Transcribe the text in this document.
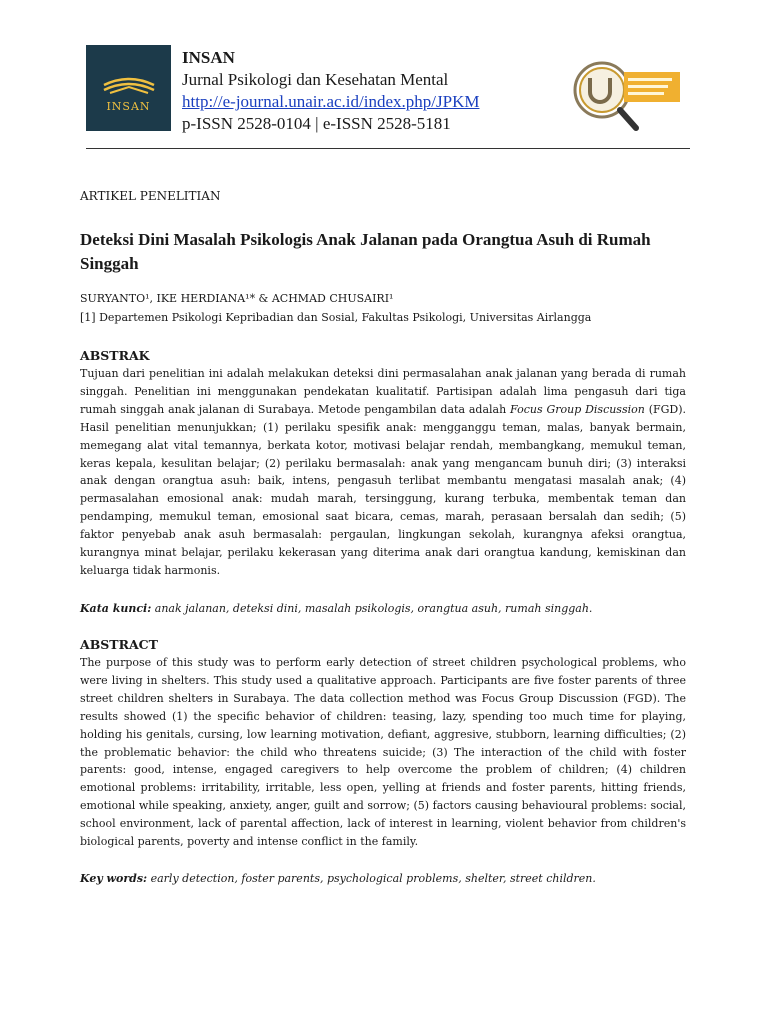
INSAN
INSAN
Jurnal Psikologi dan Kesehatan Mental
http://e-journal.unair.ac.id/index.php/JPKM
p-ISSN 2528-0104 | e-ISSN 2528-5181
ARTIKEL PENELITIAN
Deteksi Dini Masalah Psikologis Anak Jalanan pada Orangtua Asuh di Rumah Singgah
SURYANTO¹, IKE HERDIANA¹* & ACHMAD CHUSAIRI¹
[1] Departemen Psikologi Kepribadian dan Sosial, Fakultas Psikologi, Universitas Airlangga
ABSTRAK
Tujuan dari penelitian ini adalah melakukan deteksi dini permasalahan anak jalanan yang berada di rumah singgah. Penelitian ini menggunakan pendekatan kualitatif. Partisipan adalah lima pengasuh dari tiga rumah singgah anak jalanan di Surabaya. Metode pengambilan data adalah Focus Group Discussion (FGD). Hasil penelitian menunjukkan; (1) perilaku spesifik anak: mengganggu teman, malas, banyak bermain, memegang alat vital temannya, berkata kotor, motivasi belajar rendah, membangkang, memukul teman, keras kepala, kesulitan belajar; (2) perilaku bermasalah: anak yang mengancam bunuh diri; (3) interaksi anak dengan orangtua asuh: baik, intens, pengasuh terlibat membantu mengatasi masalah anak; (4) permasalahan emosional anak: mudah marah, tersinggung, kurang terbuka, membentak teman dan pendamping, memukul teman, emosional saat bicara, cemas, marah, perasaan bersalah dan sedih; (5) faktor penyebab anak asuh bermasalah: pergaulan, lingkungan sekolah, kurangnya afeksi orangtua, kurangnya minat belajar, perilaku kekerasan yang diterima anak dari orangtua kandung, kemiskinan dan keluarga tidak harmonis.
Kata kunci: anak jalanan, deteksi dini, masalah psikologis, orangtua asuh, rumah singgah.
ABSTRACT
The purpose of this study was to perform early detection of street children psychological problems, who were living in shelters. This study used a qualitative approach. Participants are five foster parents of three street children shelters in Surabaya. The data collection method was Focus Group Discussion (FGD). The results showed (1) the specific behavior of children: teasing, lazy, spending too much time for playing, holding his genitals, cursing, low learning motivation, defiant, aggresive, stubborn, learning difficulties; (2) the problematic behavior: the child who threatens suicide; (3) The interaction of the child with foster parents: good, intense, engaged caregivers to help overcome the problem of children; (4) children emotional problems: irritability, irritable, less open, yelling at friends and foster parents, hitting friends, emotional while speaking, anxiety, anger, guilt and sorrow; (5) factors causing behavioural problems: social, school environment, lack of parental affection, lack of interest in learning, violent behavior from children's biological parents, poverty and intense conflict in the family.
Key words: early detection, foster parents, psychological problems, shelter, street children.
